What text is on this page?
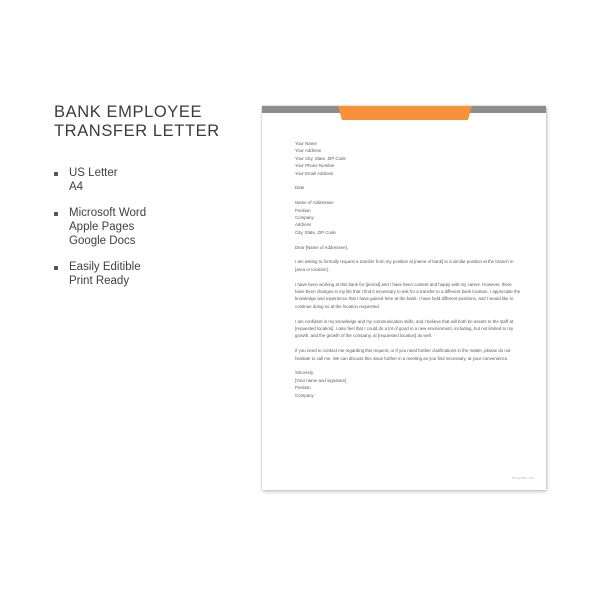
BANK EMPLOYEE
TRANSFER LETTER
US Letter
A4
Microsoft Word
Apple Pages
Google Docs
Easily Editible
Print Ready

Your Name
Your Address
Your City, State, ZIP Code
Your Phone Number
Your Email Address

Date

Name of Addressee
Position
Company
Address
City, State, ZIP Code

Dear [Name of Addressee],

I am writing to formally request a transfer from my position at [name of bank] to a similar position at the branch in [area or location].

I have been working at this bank for [period] and I have been content and happy with my career. However, there have been changes in my life that I find it necessary to ask for a transfer to a different bank location. I appreciate the knowledge and experience that I have gained here at the bank. I have held different positions, and I would like to continue doing so at the location requested.

I am confident in my knowledge and my communication skills, and I believe that will both be assets to the staff at [requested location]. I also feel that I could do a lot of good in a new environment, including, but not limited to my growth, and the growth of the company, at [requested location] as well.

If you need to contact me regarding this request, or if you need further clarifications in the matter, please do not hesitate to call me. We can discuss this issue further in a meeting as you find necessary, at your convenience.

Sincerely,
[Your name and signature]
Position
Company

template.net
